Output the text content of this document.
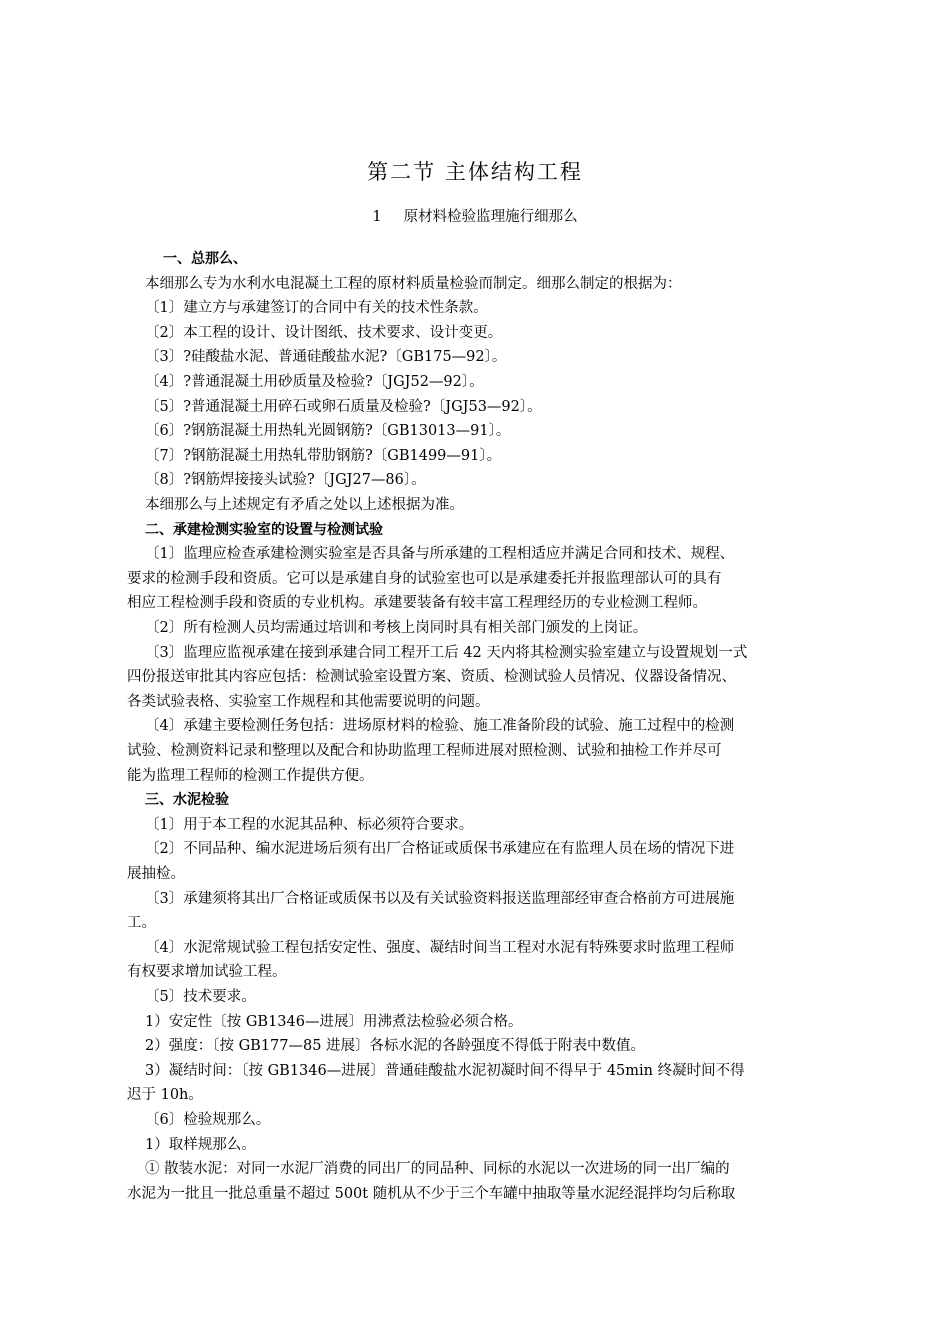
第二节 主体结构工程
1 原材料检验监理施行细那么
一、总那么、
本细那么专为水利水电混凝土工程的原材料质量检验而制定。细那么制定的根据为：
〔1〕建立方与承建签订的合同中有关的技术性条款。
〔2〕本工程的设计、设计图纸、技术要求、设计变更。
〔3〕?硅酸盐水泥、普通硅酸盐水泥?〔GB175—92〕。
〔4〕?普通混凝土用砂质量及检验?〔JGJ52—92〕。
〔5〕?普通混凝土用碎石或卵石质量及检验?〔JGJ53—92〕。
〔6〕?钢筋混凝土用热轧光圆钢筋?〔GB13013—91〕。
〔7〕?钢筋混凝土用热轧带肋钢筋?〔GB1499—91〕。
〔8〕?钢筋焊接接头试验?〔JGJ27—86〕。
本细那么与上述规定有矛盾之处以上述根据为准。
二、承建检测实验室的设置与检测试验
〔1〕监理应检查承建检测实验室是否具备与所承建的工程相适应并满足合同和技术、规程、
要求的检测手段和资质。它可以是承建自身的试验室也可以是承建委托并报监理部认可的具有
相应工程检测手段和资质的专业机构。承建要装备有较丰富工程理经历的专业检测工程师。
〔2〕所有检测人员均需通过培训和考核上岗同时具有相关部门颁发的上岗证。
〔3〕监理应监视承建在接到承建合同工程开工后 42 天内将其检测实验室建立与设置规划一式
四份报送审批其内容应包括：检测试验室设置方案、资质、检测试验人员情况、仪器设备情况、
各类试验表格、实验室工作规程和其他需要说明的问题。
〔4〕承建主要检测任务包括：进场原材料的检验、施工准备阶段的试验、施工过程中的检测
试验、检测资料记录和整理以及配合和协助监理工程师进展对照检测、试验和抽检工作并尽可
能为监理工程师的检测工作提供方便。
三、水泥检验
〔1〕用于本工程的水泥其品种、标必须符合要求。
〔2〕不同品种、编水泥进场后须有出厂合格证或质保书承建应在有监理人员在场的情况下进
展抽检。
〔3〕承建须将其出厂合格证或质保书以及有关试验资料报送监理部经审查合格前方可进展施
工。
〔4〕水泥常规试验工程包括安定性、强度、凝结时间当工程对水泥有特殊要求时监理工程师
有权要求增加试验工程。
〔5〕技术要求。
1）安定性〔按 GB1346—进展〕用沸煮法检验必须合格。
2）强度：〔按 GB177—85 进展〕各标水泥的各龄强度不得低于附表中数值。
3）凝结时间：〔按 GB1346—进展〕普通硅酸盐水泥初凝时间不得早于 45min 终凝时间不得
迟于 10h。
〔6〕检验规那么。
1）取样规那么。
① 散装水泥：对同一水泥厂消费的同出厂的同品种、同标的水泥以一次进场的同一出厂编的
水泥为一批且一批总重量不超过 500t 随机从不少于三个车罐中抽取等量水泥经混拌均匀后称取
